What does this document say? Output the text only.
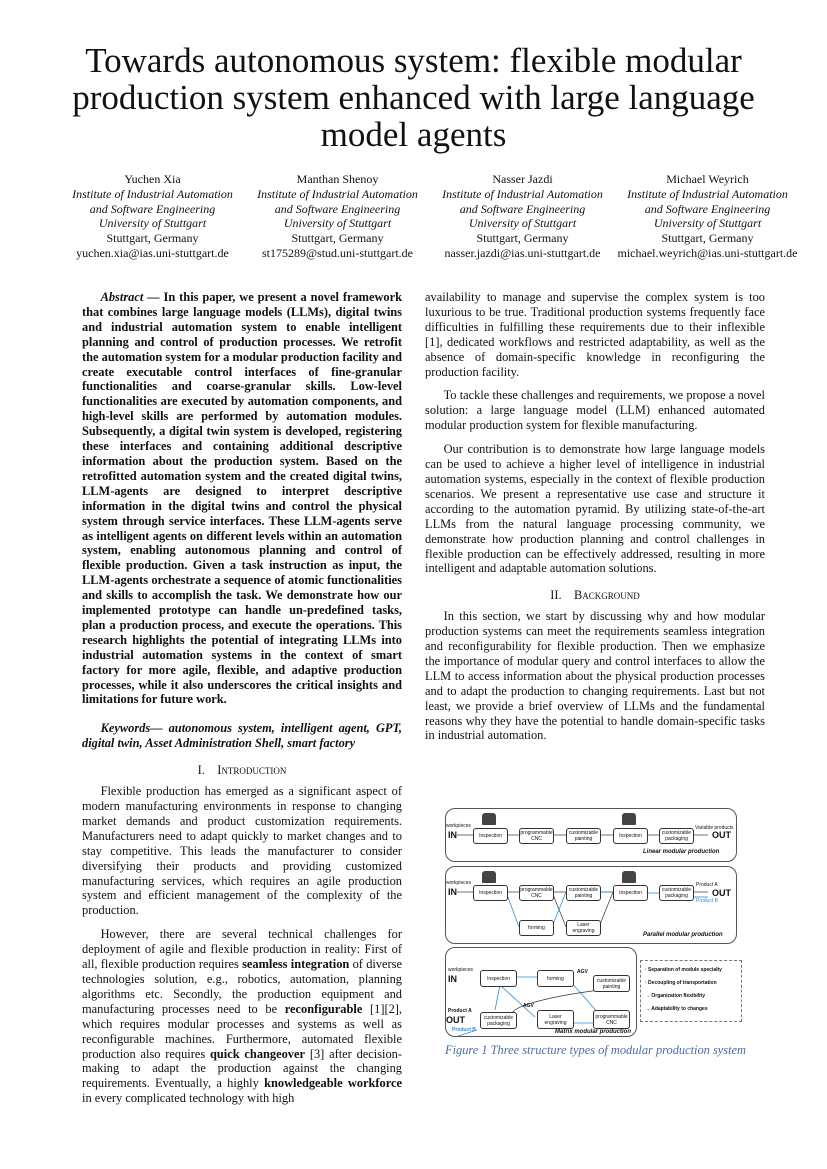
Towards autonomous system: flexible modular production system enhanced with large language model agents
Yuchen Xia
Institute of Industrial Automation
and Software Engineering
University of Stuttgart
Stuttgart, Germany
yuchen.xia@ias.uni-stuttgart.de
Manthan Shenoy
Institute of Industrial Automation
and Software Engineering
University of Stuttgart
Stuttgart, Germany
st175289@stud.uni-stuttgart.de
Nasser Jazdi
Institute of Industrial Automation
and Software Engineering
University of Stuttgart
Stuttgart, Germany
nasser.jazdi@ias.uni-stuttgart.de
Michael Weyrich
Institute of Industrial Automation
and Software Engineering
University of Stuttgart
Stuttgart, Germany
michael.weyrich@ias.uni-stuttgart.de

Abstract — In this paper, we present a novel framework that combines large language models (LLMs), digital twins and industrial automation system to enable intelligent planning and control of production processes. We retrofit the automation system for a modular production facility and create executable control interfaces of fine-granular functionalities and coarse-granular skills. Low-level functionalities are executed by automation components, and high-level skills are performed by automation modules. Subsequently, a digital twin system is developed, registering these interfaces and containing additional descriptive information about the production system. Based on the retrofitted automation system and the created digital twins, LLM-agents are designed to interpret descriptive information in the digital twins and control the physical system through service interfaces. These LLM-agents serve as intelligent agents on different levels within an automation system, enabling autonomous planning and control of flexible production. Given a task instruction as input, the LLM-agents orchestrate a sequence of atomic functionalities and skills to accomplish the task. We demonstrate how our implemented prototype can handle un-predefined tasks, plan a production process, and execute the operations. This research highlights the potential of integrating LLMs into industrial automation systems in the context of smart factory for more agile, flexible, and adaptive production processes, while it also underscores the critical insights and limitations for future work.

Keywords— autonomous system, intelligent agent, GPT, digital twin, Asset Administration Shell, smart factory

I. Introduction

Flexible production has emerged as a significant aspect of modern manufacturing environments in response to changing market demands and product customization requirements. Manufacturers need to adapt quickly to market changes and to stay competitive. This leads the manufacturer to consider diversifying their products and providing customized manufacturing services, which requires an agile production system and efficient management of the complexity of the production.

However, there are several technical challenges for deployment of agile and flexible production in reality: First of all, flexible production requires seamless integration of diverse technologies solution, e.g., robotics, automation, planning algorithms etc. Secondly, the production equipment and manufacturing processes need to be reconfigurable [1][2], which requires modular processes and systems as well as reconfigurable machines. Furthermore, automated flexible production also requires quick changeover [3] after decision-making to adapt the production against the changing requirements. Eventually, a highly knowledgeable workforce in every complicated technology with high

availability to manage and supervise the complex system is too luxurious to be true. Traditional production systems frequently face difficulties in fulfilling these requirements due to their inflexible [1], dedicated workflows and restricted adaptability, as well as the absence of domain-specific knowledge in reconfiguring the production facility.

To tackle these challenges and requirements, we propose a novel solution: a large language model (LLM) enhanced automated modular production system for flexible manufacturing.

Our contribution is to demonstrate how large language models can be used to achieve a higher level of intelligence in industrial automation systems, especially in the context of flexible production scenarios. We present a representative use case and structure it according to the automation pyramid. By utilizing state-of-the-art LLMs from the natural language processing community, we demonstrate how production planning and control challenges in flexible production can be effectively addressed, resulting in more intelligent and adaptable automation solutions.

II. Background

In this section, we start by discussing why and how modular production systems can meet the requirements seamless integration and reconfigurability for flexible production. Then we emphasize the importance of modular query and control interfaces to allow the LLM to access information about the physical production processes and to adapt the production to changing requirements. Last but not least, we provide a brief overview of LLMs and the fundamental reasons why they have the potential to handle domain-specific tasks in industrial automation.

workpieces
IN	Inspection	programmable CNC
customizable painting	Inspection	customizable packaging
Variable products
OUT
Linear modular production
workpieces
IN	Inspection	programmable CNC
customizable painting	Inspection	customizable packaging
forming	Laser engraving
Product A
OUT
Product B
Parallel modular production
workpieces
IN	Inspection	forming	customizable painting
customizable packaging
Laser engraving
programmable CNC
AGV
AGV
Product A
OUT
Product B	Matrix modular production
· Separation of module specialty
· Decoupling of transportation
→ Organization flexibility
→ Adaptability to changes
Figure 1 Three structure types of modular production system
